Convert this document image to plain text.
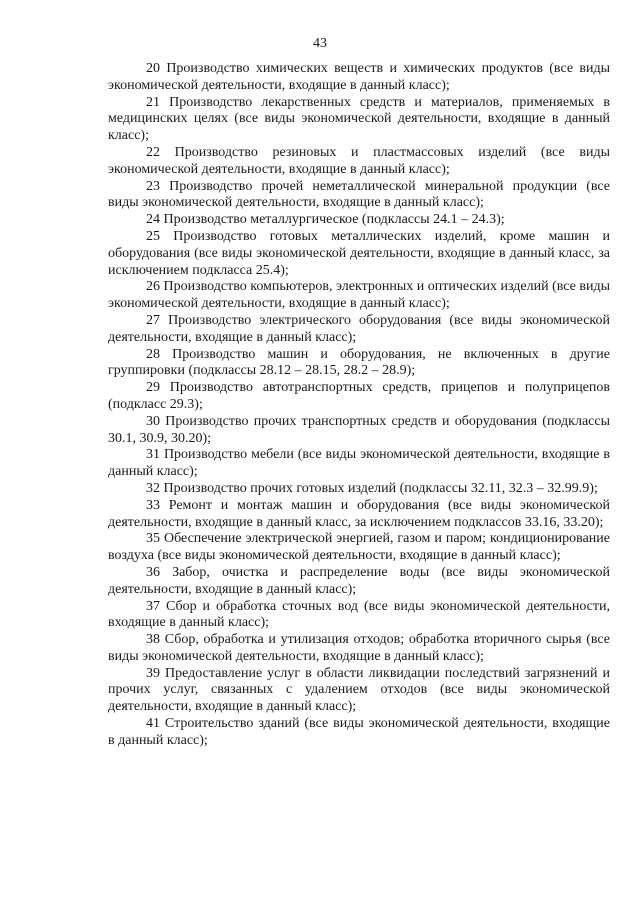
43

20 Производство химических веществ и химических продуктов (все виды экономической деятельности, входящие в данный класс);

21 Производство лекарственных средств и материалов, применяемых в медицинских целях (все виды экономической деятельности, входящие в данный класс);

22 Производство резиновых и пластмассовых изделий (все виды экономической деятельности, входящие в данный класс);

23 Производство прочей неметаллической минеральной продукции (все виды экономической деятельности, входящие в данный класс);

24 Производство металлургическое (подклассы 24.1 – 24.3);

25 Производство готовых металлических изделий, кроме машин и оборудования (все виды экономической деятельности, входящие в данный класс, за исключением подкласса 25.4);

26 Производство компьютеров, электронных и оптических изделий (все виды экономической деятельности, входящие в данный класс);

27 Производство электрического оборудования (все виды экономической деятельности, входящие в данный класс);

28 Производство машин и оборудования, не включенных в другие группировки (подклассы 28.12 – 28.15, 28.2 – 28.9);

29 Производство автотранспортных средств, прицепов и полуприцепов (подкласс 29.3);

30 Производство прочих транспортных средств и оборудования (подклассы 30.1, 30.9, 30.20);

31 Производство мебели (все виды экономической деятельности, входящие в данный класс);

32 Производство прочих готовых изделий (подклассы 32.11, 32.3 – 32.99.9);

33 Ремонт и монтаж машин и оборудования (все виды экономической деятельности, входящие в данный класс, за исключением подклассов 33.16, 33.20);

35 Обеспечение электрической энергией, газом и паром; кондиционирование воздуха (все виды экономической деятельности, входящие в данный класс);

36 Забор, очистка и распределение воды (все виды экономической деятельности, входящие в данный класс);

37 Сбор и обработка сточных вод (все виды экономической деятельности, входящие в данный класс);

38 Сбор, обработка и утилизация отходов; обработка вторичного сырья (все виды экономической деятельности, входящие в данный класс);

39 Предоставление услуг в области ликвидации последствий загрязнений и прочих услуг, связанных с удалением отходов (все виды экономической деятельности, входящие в данный класс);

41 Строительство зданий (все виды экономической деятельности, входящие в данный класс);
